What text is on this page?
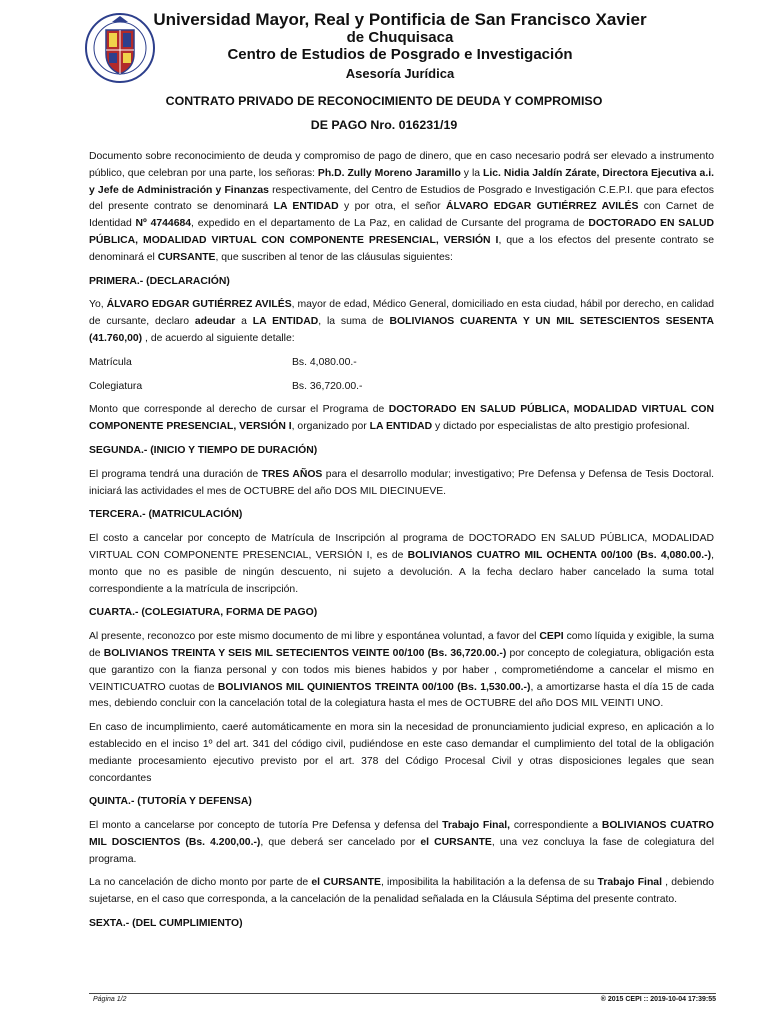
Universidad Mayor, Real y Pontificia de San Francisco Xavier
de Chuquisaca
Centro de Estudios de Posgrado e Investigación
Asesoría Jurídica
CONTRATO PRIVADO DE RECONOCIMIENTO DE DEUDA Y COMPROMISO
DE PAGO Nro. 016231/19
Documento sobre reconocimiento de deuda y compromiso de pago de dinero, que en caso necesario podrá ser elevado a instrumento público, que celebran por una parte, los señoras: Ph.D. Zully Moreno Jaramillo y la Lic. Nidia Jaldín Zárate, Directora Ejecutiva a.i. y Jefe de Administración y Finanzas respectivamente, del Centro de Estudios de Posgrado e Investigación C.E.P.I. que para efectos del presente contrato se denominará LA ENTIDAD y por otra, el señor ÁLVARO EDGAR GUTIÉRREZ AVILÉS con Carnet de Identidad Nº 4744684, expedido en el departamento de La Paz, en calidad de Cursante del programa de DOCTORADO EN SALUD PÚBLICA, MODALIDAD VIRTUAL CON COMPONENTE PRESENCIAL, VERSIÓN I, que a los efectos del presente contrato se denominará el CURSANTE, que suscriben al tenor de las cláusulas siguientes:
PRIMERA.- (DECLARACIÓN)
Yo, ÁLVARO EDGAR GUTIÉRREZ AVILÉS, mayor de edad, Médico General, domiciliado en esta ciudad, hábil por derecho, en calidad de cursante, declaro adeudar a LA ENTIDAD, la suma de BOLIVIANOS CUARENTA Y UN MIL SETESCIENTOS SESENTA (41.760,00) , de acuerdo al siguiente detalle:
Matrícula	Bs. 4,080.00.-
Colegiatura	Bs. 36,720.00.-
Monto que corresponde al derecho de cursar el Programa de DOCTORADO EN SALUD PÚBLICA, MODALIDAD VIRTUAL CON COMPONENTE PRESENCIAL, VERSIÓN I, organizado por LA ENTIDAD y dictado por especialistas de alto prestigio profesional.
SEGUNDA.- (INICIO Y TIEMPO DE DURACIÓN)
El programa tendrá una duración de TRES AÑOS para el desarrollo modular; investigativo; Pre Defensa y Defensa de Tesis Doctoral. iniciará las actividades el mes de OCTUBRE del año DOS MIL DIECINUEVE.
TERCERA.- (MATRICULACIÓN)
El costo a cancelar por concepto de Matrícula de Inscripción al programa de DOCTORADO EN SALUD PÚBLICA, MODALIDAD VIRTUAL CON COMPONENTE PRESENCIAL, VERSIÓN I, es de BOLIVIANOS CUATRO MIL OCHENTA 00/100 (Bs. 4,080.00.-), monto que no es pasible de ningún descuento, ni sujeto a devolución. A la fecha declaro haber cancelado la suma total correspondiente a la matrícula de inscripción.
CUARTA.- (COLEGIATURA, FORMA DE PAGO)
Al presente, reconozco por este mismo documento de mi libre y espontánea voluntad, a favor del CEPI como líquida y exigible, la suma de BOLIVIANOS TREINTA Y SEIS MIL SETECIENTOS VEINTE 00/100 (Bs. 36,720.00.-) por concepto de colegiatura, obligación esta que garantizo con la fianza personal y con todos mis bienes habidos y por haber , comprometiéndome a cancelar el mismo en VEINTICUATRO cuotas de BOLIVIANOS MIL QUINIENTOS TREINTA 00/100 (Bs. 1,530.00.-), a amortizarse hasta el día 15 de cada mes, debiendo concluir con la cancelación total de la colegiatura hasta el mes de OCTUBRE del año DOS MIL VEINTI UNO.
En caso de incumplimiento, caeré automáticamente en mora sin la necesidad de pronunciamiento judicial expreso, en aplicación a lo establecido en el inciso 1º del art. 341 del código civil, pudiéndose en este caso demandar el cumplimiento del total de la obligación mediante procesamiento ejecutivo previsto por el art. 378 del Código Procesal Civil y otras disposiciones legales que sean concordantes
QUINTA.- (TUTORÍA Y DEFENSA)
El monto a cancelarse por concepto de tutoría Pre Defensa y defensa del Trabajo Final, correspondiente a BOLIVIANOS CUATRO MIL DOSCIENTOS (Bs. 4.200,00.-), que deberá ser cancelado por el CURSANTE, una vez concluya la fase de colegiatura del programa.
La no cancelación de dicho monto por parte de el CURSANTE, imposibilita la habilitación a la defensa de su Trabajo Final , debiendo sujetarse, en el caso que corresponda, a la cancelación de la penalidad señalada en la Cláusula Séptima del presente contrato.
SEXTA.- (DEL CUMPLIMIENTO)
Página 1/2	® 2015 CEPI :: 2019-10-04 17:39:55
